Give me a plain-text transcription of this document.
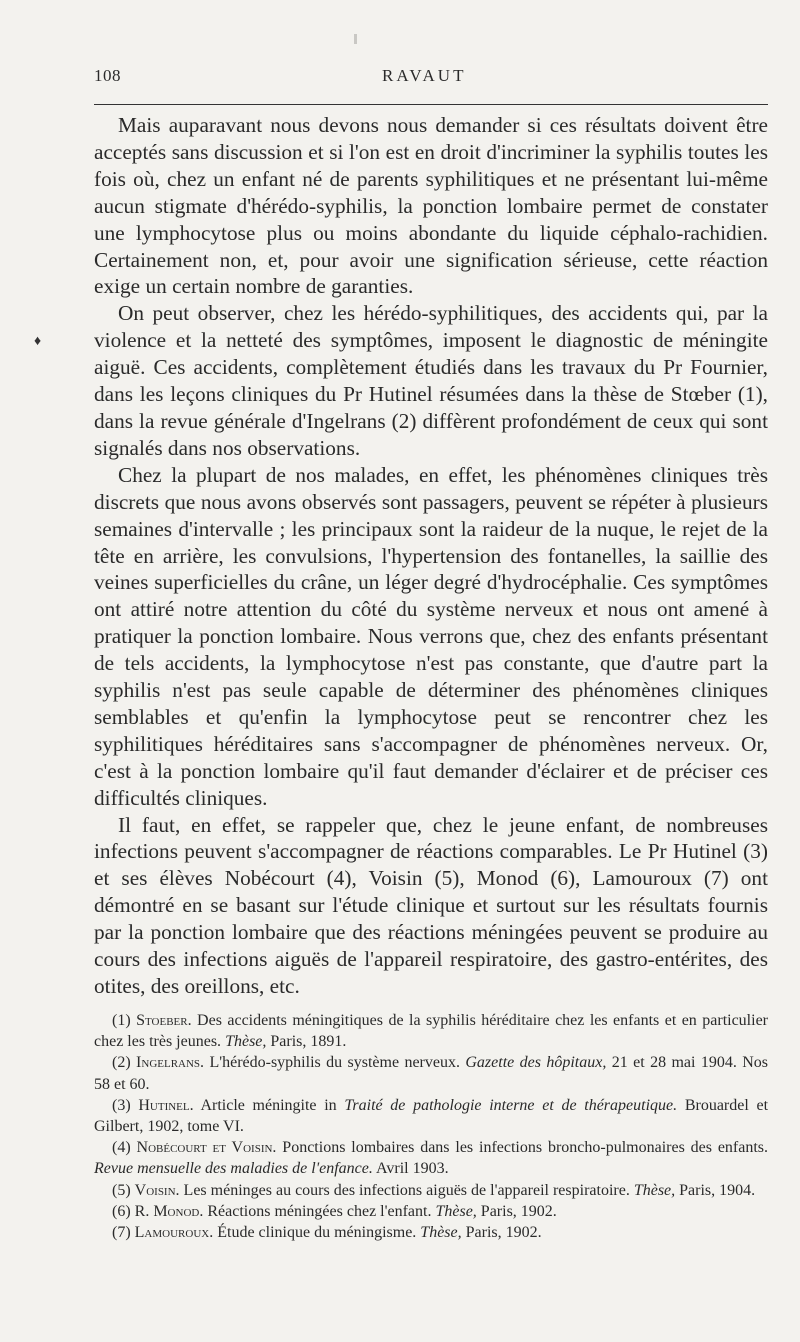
108	RAVAUT
♦

Mais auparavant nous devons nous demander si ces résultats doivent être acceptés sans discussion et si l'on est en droit d'incriminer la syphilis toutes les fois où, chez un enfant né de parents syphilitiques et ne présentant lui-même aucun stigmate d'hérédo-syphilis, la ponction lombaire permet de constater une lymphocytose plus ou moins abondante du liquide céphalo-rachidien. Certainement non, et, pour avoir une signification sérieuse, cette réaction exige un certain nombre de garanties.

On peut observer, chez les hérédo-syphilitiques, des accidents qui, par la violence et la netteté des symptômes, imposent le diagnostic de méningite aiguë. Ces accidents, complètement étudiés dans les travaux du Pr Fournier, dans les leçons cliniques du Pr Hutinel résumées dans la thèse de Stœber (1), dans la revue générale d'Ingelrans (2) diffèrent profondément de ceux qui sont signalés dans nos observations.

Chez la plupart de nos malades, en effet, les phénomènes cliniques très discrets que nous avons observés sont passagers, peuvent se répéter à plusieurs semaines d'intervalle ; les principaux sont la raideur de la nuque, le rejet de la tête en arrière, les convulsions, l'hypertension des fontanelles, la saillie des veines superficielles du crâne, un léger degré d'hydrocéphalie. Ces symptômes ont attiré notre attention du côté du système nerveux et nous ont amené à pratiquer la ponction lombaire. Nous verrons que, chez des enfants présentant de tels accidents, la lymphocytose n'est pas constante, que d'autre part la syphilis n'est pas seule capable de déterminer des phénomènes cliniques semblables et qu'enfin la lymphocytose peut se rencontrer chez les syphilitiques héréditaires sans s'accompagner de phénomènes nerveux. Or, c'est à la ponction lombaire qu'il faut demander d'éclairer et de préciser ces difficultés cliniques.

Il faut, en effet, se rappeler que, chez le jeune enfant, de nombreuses infections peuvent s'accompagner de réactions comparables. Le Pr Hutinel (3) et ses élèves Nobécourt (4), Voisin (5), Monod (6), Lamouroux (7) ont démontré en se basant sur l'étude clinique et surtout sur les résultats fournis par la ponction lombaire que des réactions méningées peuvent se produire au cours des infections aiguës de l'appareil respiratoire, des gastro-entérites, des otites, des oreillons, etc.

(1) Stoeber. Des accidents méningitiques de la syphilis héréditaire chez les enfants et en particulier chez les très jeunes. Thèse, Paris, 1891.

(2) Ingelrans. L'hérédo-syphilis du système nerveux. Gazette des hôpitaux, 21 et 28 mai 1904. Nos 58 et 60.

(3) Hutinel. Article méningite in Traité de pathologie interne et de thérapeutique. Brouardel et Gilbert, 1902, tome VI.

(4) Nobécourt et Voisin. Ponctions lombaires dans les infections broncho-pulmonaires des enfants. Revue mensuelle des maladies de l'enfance. Avril 1903.

(5) Voisin. Les méninges au cours des infections aiguës de l'appareil respiratoire. Thèse, Paris, 1904.

(6) R. Monod. Réactions méningées chez l'enfant. Thèse, Paris, 1902.

(7) Lamouroux. Étude clinique du méningisme. Thèse, Paris, 1902.
